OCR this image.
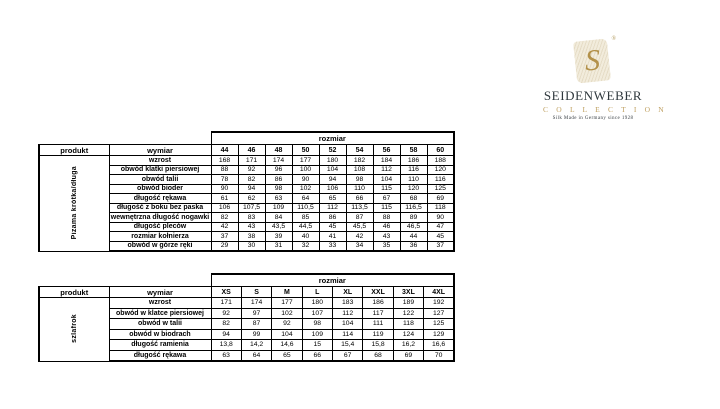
S
®
SEIDENWEBER
C O L L E C T I O N
Silk Made in Germany since 1928
		rozmiar								
produkt	wymiar	44	46	48	50	52	54	56	58	60
Pizama krótka/długa	wzrost	168	171	174	177	180	182	184	186	188
	obwód klatki piersiowej	88	92	96	100	104	108	112	116	120
	obwód talii	78	82	86	90	94	98	104	110	116
	obwód bioder	90	94	98	102	106	110	115	120	125
	długość rękawa	61	62	63	64	65	66	67	68	69
	długość z boku bez paska	106	107,5	109	110,5	112	113,5	115	116,5	118
	wewnętrzna długość nogawki	82	83	84	85	86	87	88	89	90
	długość pleców	42	43	43,5	44,5	45	45,5	46	46,5	47
	rozmiar kołnierza	37	38	39	40	41	42	43	44	45
	obwód w górze ręki	29	30	31	32	33	34	35	36	37
		rozmiar							
produkt	wymiar	XS	S	M	L	XL	XXL	3XL	4XL
szlafrok	wzrost	171	174	177	180	183	186	189	192
	obwód w klatce piersiowej	92	97	102	107	112	117	122	127
	obwód w talii	82	87	92	98	104	111	118	125
	obwód w biodrach	94	99	104	109	114	119	124	129
	długość ramienia	13,8	14,2	14,6	15	15,4	15,8	16,2	16,6
	długość rękawa	63	64	65	66	67	68	69	70
